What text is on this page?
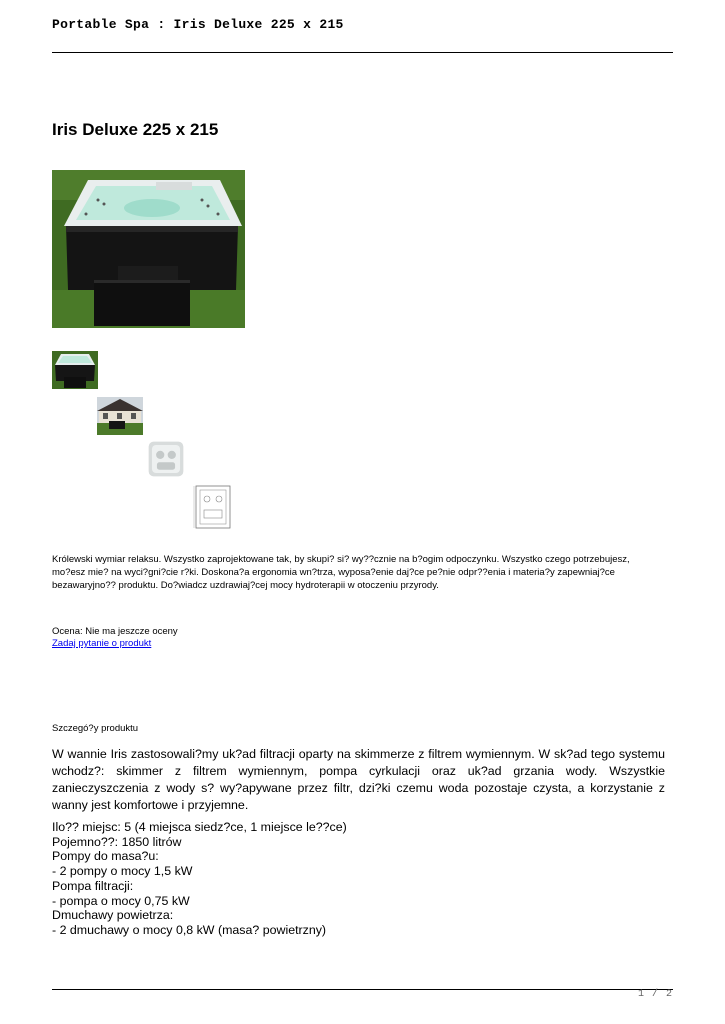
Portable Spa : Iris Deluxe 225 x 215
Iris Deluxe 225 x 215
Królewski wymiar relaksu. Wszystko zaprojektowane tak, by skupi? si? wy??cznie na b?ogim odpoczynku. Wszystko czego potrzebujesz,
mo?esz mie? na wyci?gni?cie r?ki. Doskona?a ergonomia wn?trza, wyposa?enie daj?ce pe?nie odpr??enia i materia?y zapewniaj?ce
bezawaryjno?? produktu. Do?wiadcz uzdrawiaj?cej mocy hydroterapii w otoczeniu przyrody.
Ocena: Nie ma jeszcze oceny
Zadaj pytanie o produkt
Szczegó?y produktu
W wannie Iris zastosowali?my uk?ad filtracji oparty na skimmerze z filtrem wymiennym. W sk?ad tego systemu wchodz?: skimmer z filtrem wymiennym, pompa cyrkulacji oraz uk?ad grzania wody. Wszystkie zanieczyszczenia z wody s? wy?apywane przez filtr, dzi?ki czemu woda pozostaje czysta, a korzystanie z wanny jest komfortowe i przyjemne.
Ilo?? miejsc: 5 (4 miejsca siedz?ce, 1 miejsce le??ce)
Pojemno??: 1850 litrów
Pompy do masa?u:
- 2 pompy o mocy 1,5 kW
Pompa filtracji:
- pompa o mocy 0,75 kW
Dmuchawy powietrza:
- 2 dmuchawy o mocy 0,8 kW (masa? powietrzny)
1 / 2
